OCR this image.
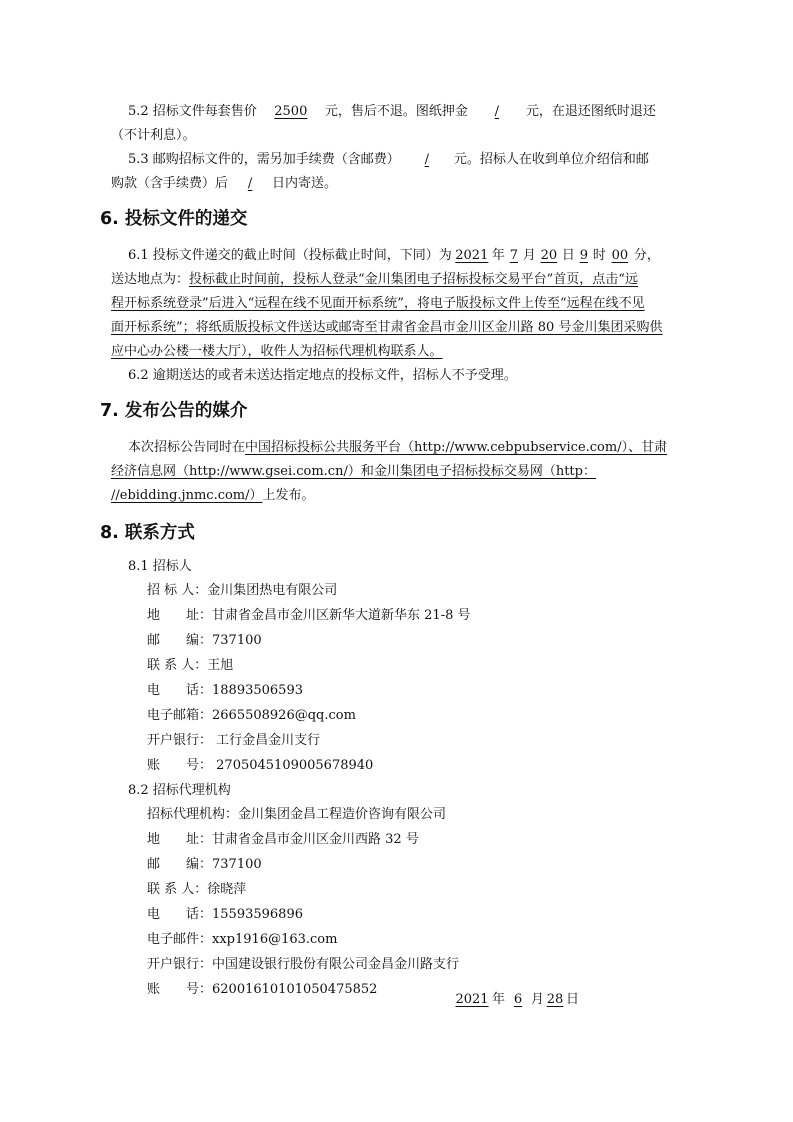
5.2 招标文件每套售价 2500 元，售后不退。图纸押金 / 元，在退还图纸时退还
（不计利息）。
5.3 邮购招标文件的，需另加手续费（含邮费） / 元。招标人在收到单位介绍信和邮
购款（含手续费）后 / 日内寄送。
6. 投标文件的递交
6.1 投标文件递交的截止时间（投标截止时间，下同）为 2021 年 7 月 20 日 9 时 00 分，
送达地点为：投标截止时间前，投标人登录“金川集团电子招标投标交易平台”首页，点击“远
程开标系统登录”后进入“远程在线不见面开标系统”，将电子版投标文件上传至“远程在线不见
面开标系统”；将纸质版投标文件送达或邮寄至甘肃省金昌市金川区金川路 80 号金川集团采购供
应中心办公楼一楼大厅），收件人为招标代理机构联系人。
6.2 逾期送达的或者未送达指定地点的投标文件，招标人不予受理。
7. 发布公告的媒介
本次招标公告同时在中国招标投标公共服务平台（http://www.cebpubservice.com/）、甘肃
经济信息网（http://www.gsei.com.cn/）和金川集团电子招标投标交易网（http：
//ebidding.jnmc.com/）上发布。
8. 联系方式
8.1 招标人
招 标 人：金川集团热电有限公司
地　　址：甘肃省金昌市金川区新华大道新华东 21-8 号
邮　　编：737100
联 系 人：王旭
电　　话：18893506593
电子邮箱：2665508926@qq.com
开户银行： 工行金昌金川支行
账　　号： 2705045109005678940
8.2 招标代理机构
招标代理机构：金川集团金昌工程造价咨询有限公司
地　　址：甘肃省金昌市金川区金川西路 32 号
邮　　编：737100
联 系 人：徐晓萍
电　　话：15593596896
电子邮件：xxp1916@163.com
开户银行：中国建设银行股份有限公司金昌金川路支行
账　　号：62001610101050475852
2021 年 6 月 28 日
